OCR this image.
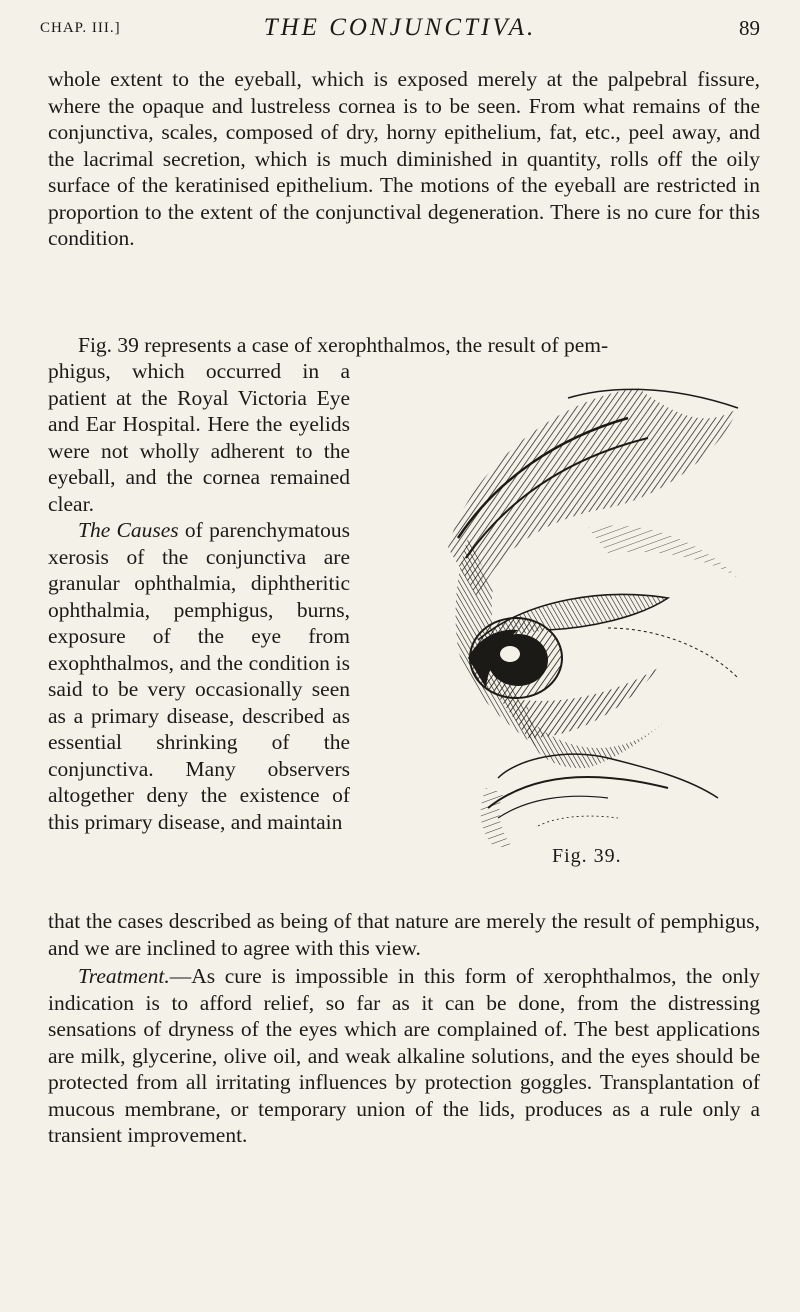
CHAP. III.]	THE CONJUNCTIVA.	89

whole extent to the eyeball, which is exposed merely at the palpebral fissure, where the opaque and lustreless cornea is to be seen. From what remains of the conjunctiva, scales, composed of dry, horny epithelium, fat, etc., peel away, and the lacrimal secretion, which is much diminished in quantity, rolls off the oily surface of the keratinised epithelium. The motions of the eyeball are restricted in proportion to the extent of the conjunctival degeneration. There is no cure for this condition.

Fig. 39 represents a case of xerophthalmos, the result of pem-

phigus, which occurred in a patient at the Royal Victoria Eye and Ear Hospital. Here the eyelids were not wholly adherent to the eyeball, and the cornea remained clear.

The Causes of parenchymatous xerosis of the conjunctiva are granular ophthalmia, diphtheritic ophthalmia, pemphigus, burns, exposure of the eye from exophthalmos, and the condition is said to be very occasionally seen as a primary disease, described as essential shrinking of the conjunctiva. Many observers altogether deny the existence of this primary disease, and maintain

Fig. 39.

that the cases described as being of that nature are merely the result of pemphigus, and we are inclined to agree with this view.

Treatment.—As cure is impossible in this form of xerophthalmos, the only indication is to afford relief, so far as it can be done, from the distressing sensations of dryness of the eyes which are complained of. The best applications are milk, glycerine, olive oil, and weak alkaline solutions, and the eyes should be protected from all irritating influences by protection goggles. Transplantation of mucous membrane, or temporary union of the lids, produces as a rule only a transient improvement.
